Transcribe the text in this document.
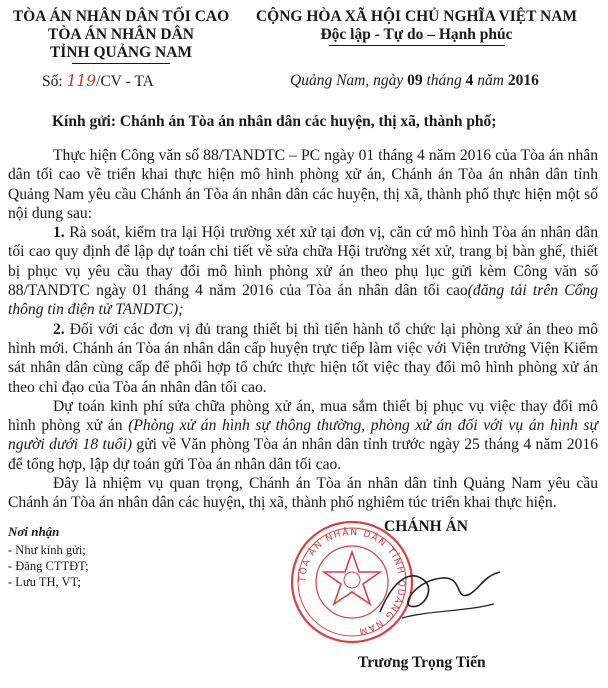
TÒA ÁN NHÂN DÂN TỐI CAO
TÒA ÁN NHÂN DÂN
TỈNH QUẢNG NAM
Số: 119/CV - TA
CỘNG HÒA XÃ HỘI CHỦ NGHĨA VIỆT NAM
Độc lập - Tự do – Hạnh phúc
Quảng Nam, ngày 09 tháng 4 năm 2016
Kính gửi: Chánh án Tòa án nhân dân các huyện, thị xã, thành phố;
Thực hiện Công văn số 88/TANDTC – PC ngày 01 tháng 4 năm 2016 của Tòa án nhân dân tối cao về triển khai thực hiện mô hình phòng xử án, Chánh án Tòa án nhân dân tỉnh Quảng Nam yêu cầu Chánh án Tòa án nhân dân các huyện, thị xã, thành phố thực hiện một số nội dung sau:
1. Rà soát, kiểm tra lại Hội trường xét xử tại đơn vị, căn cứ mô hình Tòa án nhân dân tối cao quy định để lập dự toán chi tiết về sửa chữa Hội trường xét xử, trang bị bàn ghế, thiết bị phục vụ yêu cầu thay đổi mô hình phòng xử án theo phụ lục gửi kèm Công văn số 88/TANDTC ngày 01 tháng 4 năm 2016 của Tòa án nhân dân tối cao(đăng tải trên Cổng thông tin điện tử TANDTC);
2. Đối với các đơn vị đủ trang thiết bị thì tiến hành tổ chức lại phòng xử án theo mô hình mới. Chánh án Tòa án nhân dân cấp huyện trực tiếp làm việc với Viện trưởng Viện Kiểm sát nhân dân cùng cấp để phối hợp tổ chức thực hiện tốt việc thay đổi mô hình phòng xử án theo chỉ đạo của Tòa án nhân dân tối cao.
Dự toán kinh phí sửa chữa phòng xử án, mua sắm thiết bị phục vụ việc thay đổi mô hình phòng xử án (Phòng xử án hình sự thông thường, phòng xử án đối với vụ án hình sự người dưới 18 tuổi) gửi về Văn phòng Tòa án nhân dân tỉnh trước ngày 25 tháng 4 năm 2016 để tổng hợp, lập dự toán gửi Tòa án nhân dân tối cao.
Đây là nhiệm vụ quan trọng, Chánh án Tòa án nhân dân tỉnh Quảng Nam yêu cầu Chánh án Tòa án nhân dân các huyện, thị xã, thành phố nghiêm túc triển khai thực hiện.
Nơi nhận
- Như kính gửi;
- Đăng CTTĐT;
- Lưu TH, VT;
CHÁNH ÁN
TÒA ÁN NHÂN DÂN TỈNH QUẢNG NAM
Trương Trọng Tiến
